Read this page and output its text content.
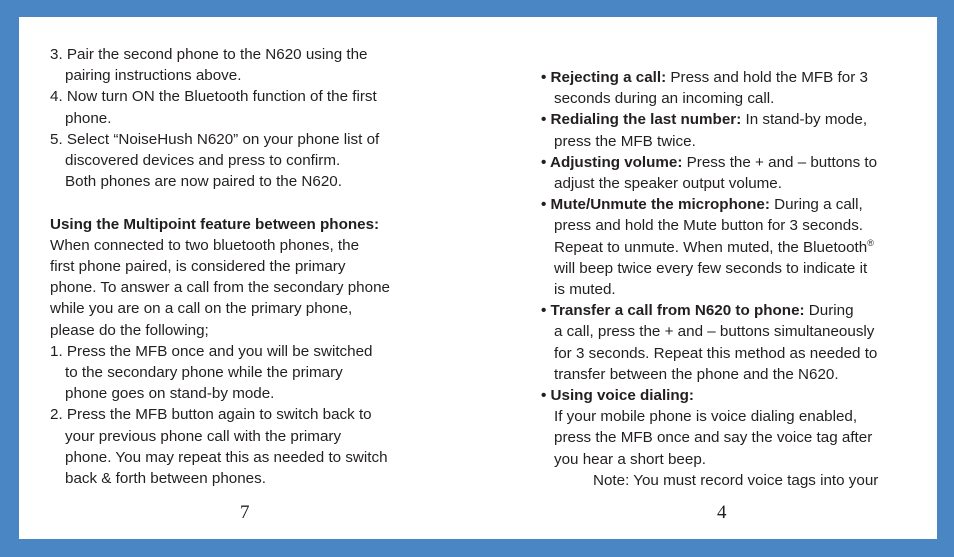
3. Pair the second phone to the N620 using the
pairing instructions above.
4. Now turn ON the Bluetooth function of the first
phone.
5. Select “NoiseHush N620” on your phone list of
discovered devices and press to confirm.
Both phones are now paired to the N620.
Using the Multipoint feature between phones:
When connected to two bluetooth phones, the
first phone paired, is considered the primary
phone. To answer a call from the secondary phone
while you are on a call on the primary phone,
please do the following;
1. Press the MFB once and you will be switched
to the secondary phone while the primary
phone goes on stand-by mode.
2. Press the MFB button again to switch back to
your previous phone call with the primary
phone. You may repeat this as needed to switch
back & forth between phones.
• Rejecting a call: Press and hold the MFB for 3
seconds during an incoming call.
• Redialing the last number: In stand-by mode,
press the MFB twice.
• Adjusting volume: Press the + and – buttons to
adjust the speaker output volume.
• Mute/Unmute the microphone: During a call,
press and hold the Mute button for 3 seconds.
Repeat to unmute. When muted, the Bluetooth®
will beep twice every few seconds to indicate it
is muted.
• Transfer a call from N620 to phone: During
a call, press the + and – buttons simultaneously
for 3 seconds. Repeat this method as needed to
transfer between the phone and the N620.
• Using voice dialing:
If your mobile phone is voice dialing enabled,
press the MFB once and say the voice tag after
you hear a short beep.
Note: You must record voice tags into your
7	4
